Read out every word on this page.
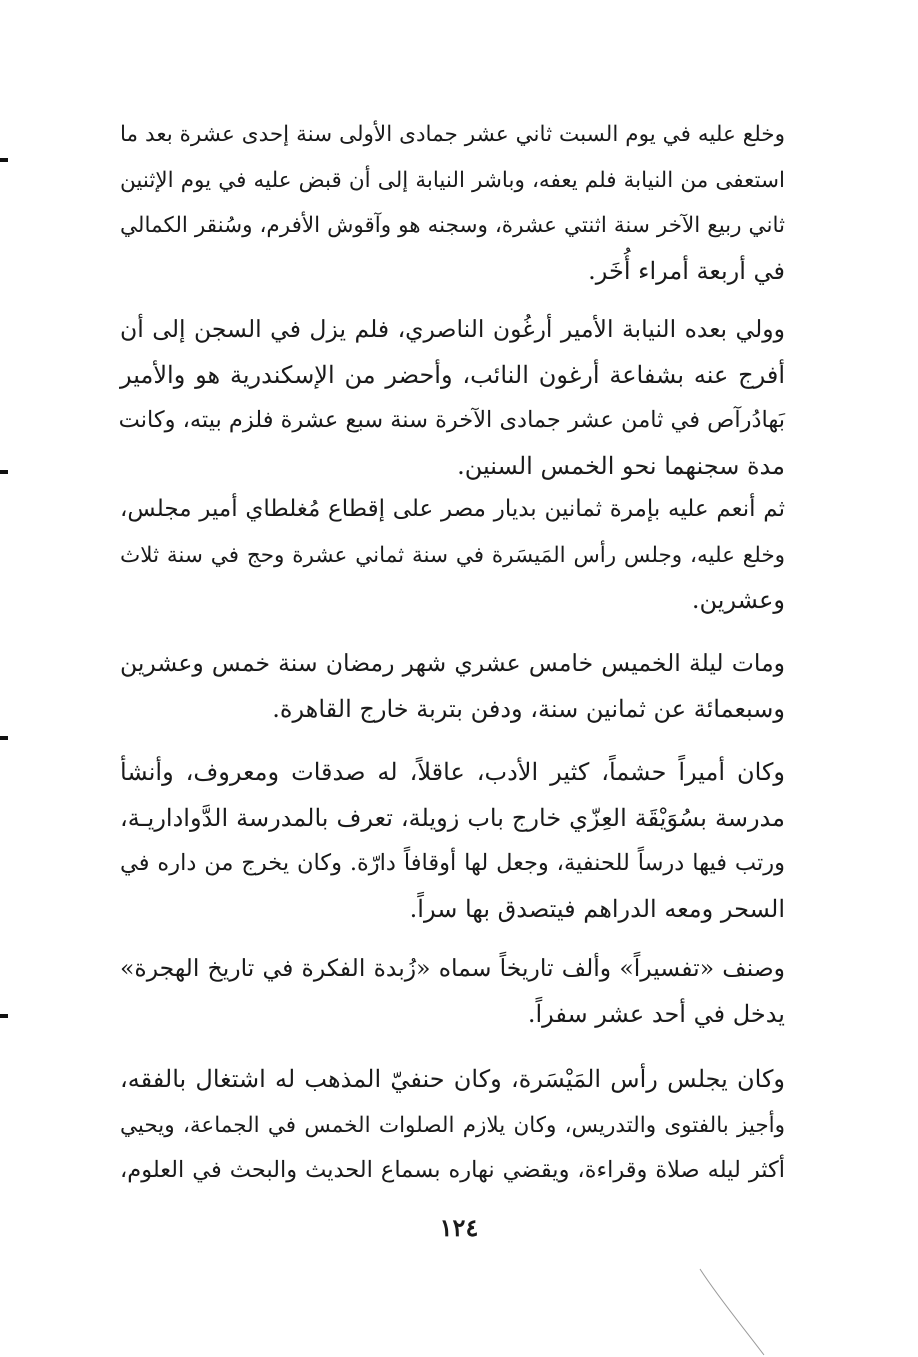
وخلع عليه في يوم السبت ثاني عشر جمادى الأولى سنة إحدى عشرة بعد ما
استعفى من النيابة فلم يعفه، وباشر النيابة إلى أن قبض عليه في يوم الإثنين
ثاني ربيع الآخر سنة اثنتي عشرة، وسجنه هو وآقوش الأفرم، وسُنقر الكمالي
في أربعة أمراء أُخَر.
وولي بعده النيابة الأمير أرغُون الناصري، فلم يزل في السجن إلى أن
أفرج عنه بشفاعة أرغون النائب، وأحضر من الإسكندرية هو والأمير
بَهادُرآص في ثامن عشر جمادى الآخرة سنة سبع عشرة فلزم بيته، وكانت
مدة سجنهما نحو الخمس السنين.
ثم أنعم عليه بإمرة ثمانين بديار مصر على إقطاع مُغلطاي أمير مجلس،
وخلع عليه، وجلس رأس المَيسَرة في سنة ثماني عشرة وحج في سنة ثلاث
وعشرين.
ومات ليلة الخميس خامس عشري شهر رمضان سنة خمس وعشرين
وسبعمائة عن ثمانين سنة، ودفن بتربة خارج القاهرة.
وكان أميراً حشماً، كثير الأدب، عاقلاً، له صدقات ومعروف، وأنشأ
مدرسة بسُوَيْقَة العِزّي خارج باب زويلة، تعرف بالمدرسة الدَّواداريـة،
ورتب فيها درساً للحنفية، وجعل لها أوقافاً دارّة. وكان يخرج من داره في
السحر ومعه الدراهم فيتصدق بها سراً.
وصنف «تفسيراً» وألف تاريخاً سماه «زُبدة الفكرة في تاريخ الهجرة»
يدخل في أحد عشر سفراً.
وكان يجلس رأس المَيْسَرة، وكان حنفيّ المذهب له اشتغال بالفقه،
وأجيز بالفتوى والتدريس، وكان يلازم الصلوات الخمس في الجماعة، ويحيي
أكثر ليله صلاة وقراءة، ويقضي نهاره بسماع الحديث والبحث في العلوم،
١٢٤
